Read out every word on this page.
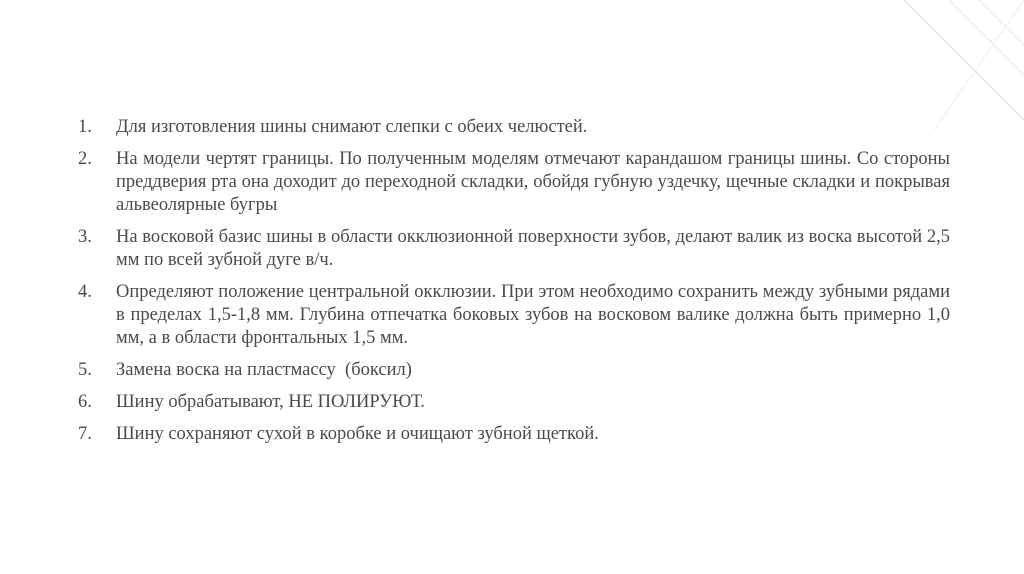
1.	Для изготовления шины снимают слепки с обеих челюстей.
2.	На модели чертят границы. По полученным моделям отмечают карандашом границы шины. Со стороны преддверия рта она доходит до переходной складки, обойдя губную уздечку, щечные складки и покрывая альвеолярные бугры
3.	На восковой базис шины в области окклюзионной поверхности зубов, делают валик из воска высотой 2,5 мм по всей зубной дуге в/ч.
4.	Определяют положение центральной окклюзии. При этом необходимо сохранить между зубными рядами в пределах 1,5-1,8 мм. Глубина отпечатка боковых зубов на восковом валике должна быть примерно 1,0 мм, а в области фронтальных 1,5 мм.
5.	Замена воска на пластмассу  (боксил)
6.	Шину обрабатывают, НЕ ПОЛИРУЮТ.
7.	Шину сохраняют сухой в коробке и очищают зубной щеткой.
